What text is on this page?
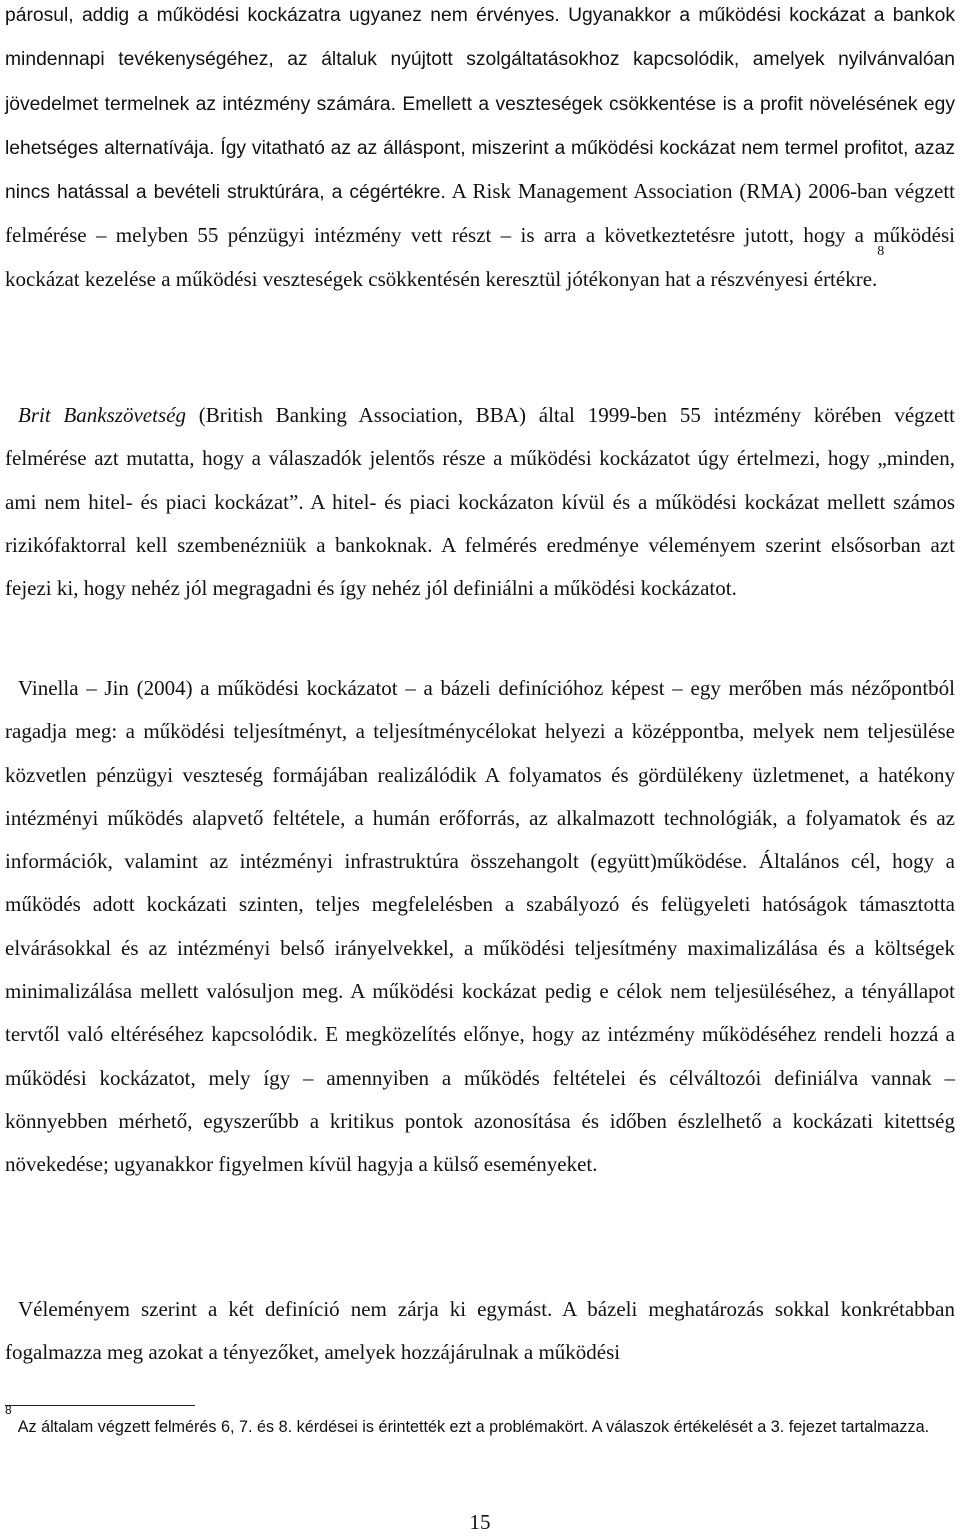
párosul, addig a működési kockázatra ugyanez nem érvényes. Ugyanakkor a működési kockázat a bankok mindennapi tevékenységéhez, az általuk nyújtott szolgáltatásokhoz kapcsolódik, amelyek nyilvánvalóan jövedelmet termelnek az intézmény számára. Emellett a veszteségek csökkentése is a profit növelésének egy lehetséges alternatívája. Így vitatható az az álláspont, miszerint a működési kockázat nem termel profitot, azaz nincs hatással a bevételi struktúrára, a cégértékre. A Risk Management Association (RMA) 2006-ban végzett felmérése – melyben 55 pénzügyi intézmény vett részt – is arra a következtetésre jutott, hogy a működési kockázat kezelése a működési veszteségek csökkentésén keresztül jótékonyan hat a részvényesi értékre.$^8$

Brit Bankszövetség (British Banking Association, BBA) által 1999-ben 55 intézmény körében végzett felmérése azt mutatta, hogy a válaszadók jelentős része a működési kockázatot úgy értelmezi, hogy „minden, ami nem hitel- és piaci kockázat”. A hitel- és piaci kockázaton kívül és a működési kockázat mellett számos rizikófaktorral kell szembenézniük a bankoknak. A felmérés eredménye véleményem szerint elsősorban azt fejezi ki, hogy nehéz jól megragadni és így nehéz jól definiálni a működési kockázatot.

Vinella – Jin (2004) a működési kockázatot – a bázeli definícióhoz képest – egy merőben más nézőpontból ragadja meg: a működési teljesítményt, a teljesítménycélokat helyezi a középpontba, melyek nem teljesülése közvetlen pénzügyi veszteség formájában realizálódik A folyamatos és gördülékeny üzletmenet, a hatékony intézményi működés alapvető feltétele, a humán erőforrás, az alkalmazott technológiák, a folyamatok és az információk, valamint az intézményi infrastruktúra összehangolt (együtt)működése. Általános cél, hogy a működés adott kockázati szinten, teljes megfelelésben a szabályozó és felügyeleti hatóságok támasztotta elvárásokkal és az intézményi belső irányelvekkel, a működési teljesítmény maximalizálása és a költségek minimalizálása mellett valósuljon meg. A működési kockázat pedig e célok nem teljesüléséhez, a tényállapot tervtől való eltéréséhez kapcsolódik. E megközelítés előnye, hogy az intézmény működéséhez rendeli hozzá a működési kockázatot, mely így – amennyiben a működés feltételei és célváltozói definiálva vannak – könnyebben mérhető, egyszerűbb a kritikus pontok azonosítása és időben észlelhető a kockázati kitettség növekedése; ugyanakkor figyelmen kívül hagyja a külső eseményeket.

Véleményem szerint a két definíció nem zárja ki egymást. A bázeli meghatározás sokkal konkrétabban fogalmazza meg azokat a tényezőket, amelyek hozzájárulnak a működési

$^8$Az általam végzett felmérés 6, 7. és 8. kérdései is érintették ezt a problémakört. A válaszok értékelését a 3. fejezet tartalmazza.

15
